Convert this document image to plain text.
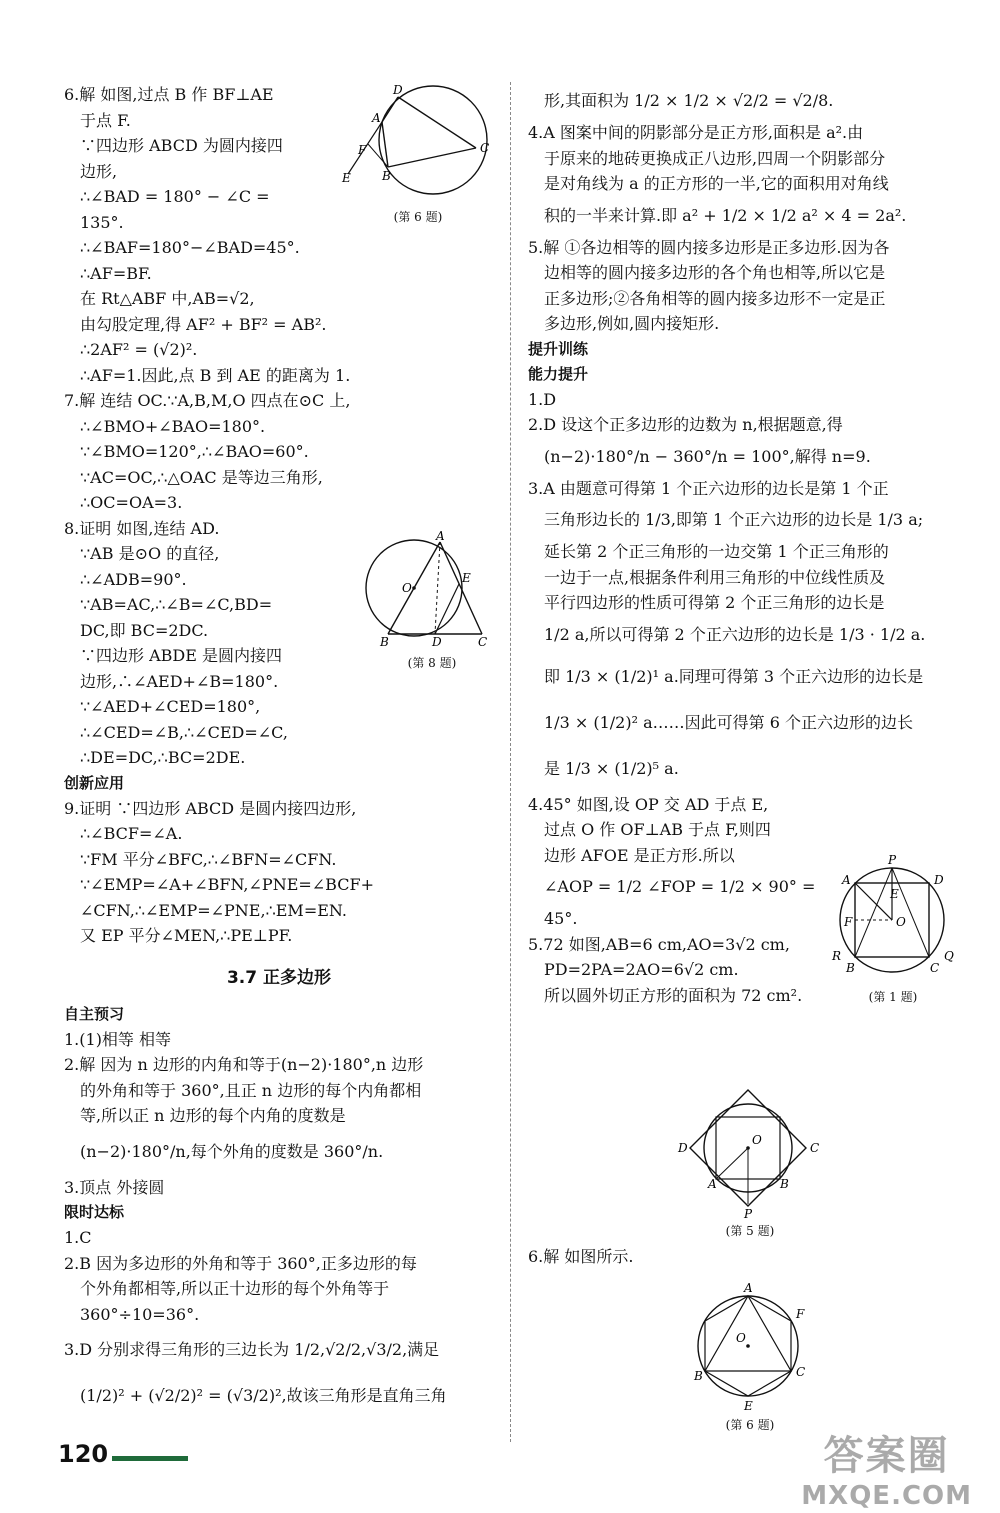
6.解 如图,过点 B 作 BF⊥AE
于点 F.
∵四边形 ABCD 为圆内接四
边形,
∴∠BAD = 180° − ∠C =
135°.
∴∠BAF=180°−∠BAD=45°.
∴AF=BF.
在 Rt△ABF 中,AB=√2,
由勾股定理,得 AF² + BF² = AB².
∴2AF² = (√2)².
∴AF=1.因此,点 B 到 AE 的距离为 1.
7.解 连结 OC.∵A,B,M,O 四点在⊙C 上,
∴∠BMO+∠BAO=180°.
∵∠BMO=120°,∴∠BAO=60°.
∵AC=OC,∴△OAC 是等边三角形,
∴OC=OA=3.
8.证明 如图,连结 AD.
∵AB 是⊙O 的直径,
∴∠ADB=90°.
∵AB=AC,∴∠B=∠C,BD=
DC,即 BC=2DC.
∵四边形 ABDE 是圆内接四
边形,∴∠AED+∠B=180°.
∵∠AED+∠CED=180°,
∴∠CED=∠B,∴∠CED=∠C,
∴DE=DC,∴BC=2DE.
创新应用
9.证明 ∵四边形 ABCD 是圆内接四边形,
∴∠BCF=∠A.
∵FM 平分∠BFC,∴∠BFN=∠CFN.
∵∠EMP=∠A+∠BFN,∠PNE=∠BCF+
∠CFN,∴∠EMP=∠PNE,∴EM=EN.
又 EP 平分∠MEN,∴PE⊥PF.
3.7 正多边形
自主预习
1.(1)相等 相等
2.解 因为 n 边形的内角和等于(n−2)·180°,n 边形
的外角和等于 360°,且正 n 边形的每个内角都相
等,所以正 n 边形的每个内角的度数是
(n−2)·180°/n,每个外角的度数是 360°/n.
3.顶点 外接圆
限时达标
1.C
2.B 因为多边形的外角和等于 360°,正多边形的每
个外角都相等,所以正十边形的每个外角等于
360°÷10=36°.
3.D 分别求得三角形的三边长为 1/2,√2/2,√3/2,满足
(1/2)² + (√2/2)² = (√3/2)²,故该三角形是直角三角
形,其面积为 1/2 × 1/2 × √2/2 = √2/8.
4.A 图案中间的阴影部分是正方形,面积是 a².由
于原来的地砖更换成正八边形,四周一个阴影部分
是对角线为 a 的正方形的一半,它的面积用对角线
积的一半来计算.即 a² + 1/2 × 1/2 a² × 4 = 2a².
5.解 ①各边相等的圆内接多边形是正多边形.因为各
边相等的圆内接多边形的各个角也相等,所以它是
正多边形;②各角相等的圆内接多边形不一定是正
多边形,例如,圆内接矩形.
提升训练
能力提升
1.D
2.D 设这个正多边形的边数为 n,根据题意,得
(n−2)·180°/n − 360°/n = 100°,解得 n=9.
3.A 由题意可得第 1 个正六边形的边长是第 1 个正
三角形边长的 1/3,即第 1 个正六边形的边长是 1/3 a;
延长第 2 个正三角形的一边交第 1 个正三角形的
一边于一点,根据条件利用三角形的中位线性质及
平行四边形的性质可得第 2 个正三角形的边长是
1/2 a,所以可得第 2 个正六边形的边长是 1/3 · 1/2 a.
即 1/3 × (1/2)¹ a.同理可得第 3 个正六边形的边长是
1/3 × (1/2)² a……因此可得第 6 个正六边形的边长
是 1/3 × (1/2)⁵ a.
4.45° 如图,设 OP 交 AD 于点 E,
过点 O 作 OF⊥AB 于点 F,则四
边形 AFOE 是正方形.所以
∠AOP = 1/2 ∠FOP = 1/2 × 90° =
45°.
5.72 如图,AB=6 cm,AO=3√2 cm,
PD=2PA=2AO=6√2 cm.
所以圆外切正方形的面积为 72 cm².
6.解 如图所示.
D
A
C
B
F
E
(第 6 题)
A
O
E
B	D	C
(第 8 题)
P
A	D
E
F	O
R
B	C
Q
(第 1 题)
O
D	C
A	B
P
(第 5 题)
A
F
O
B	C
E
(第 6 题)
120	答案圈
MXQE.COM
